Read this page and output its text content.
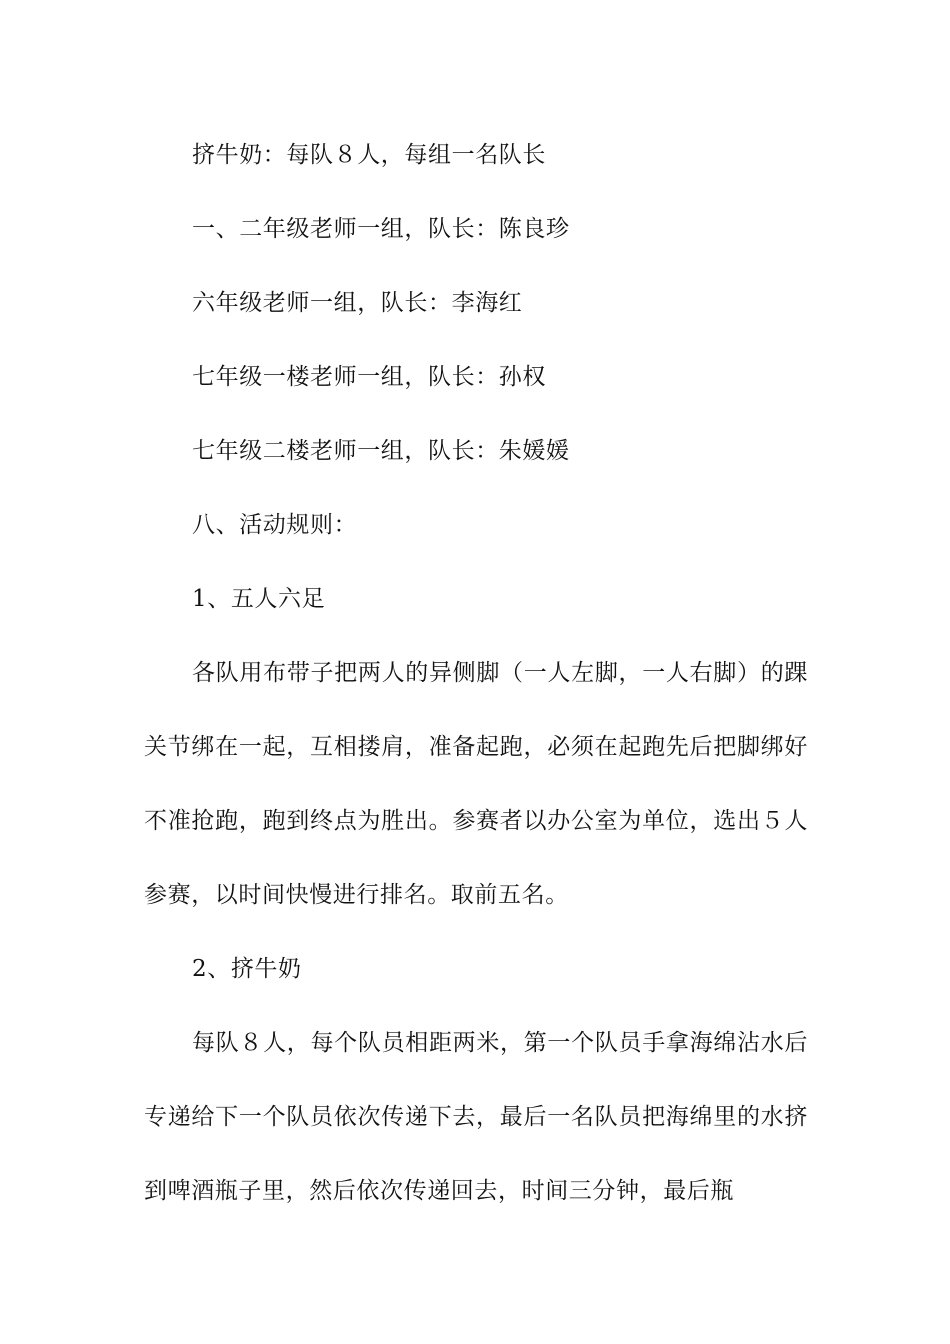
挤牛奶：每队８人，每组一名队长

一、二年级老师一组，队长：陈良珍

六年级老师一组，队长：李海红

七年级一楼老师一组，队长：孙权

七年级二楼老师一组，队长：朱媛媛

八、活动规则：

1、五人六足

各队用布带子把两人的异侧脚（一人左脚，一人右脚）的踝关节绑在一起，互相搂肩，准备起跑，必须在起跑先后把脚绑好不准抢跑，跑到终点为胜出。参赛者以办公室为单位，选出５人参赛，以时间快慢进行排名。取前五名。

2、挤牛奶

每队８人，每个队员相距两米，第一个队员手拿海绵沾水后专递给下一个队员依次传递下去，最后一名队员把海绵里的水挤到啤酒瓶子里，然后依次传递回去，时间三分钟，最后瓶
